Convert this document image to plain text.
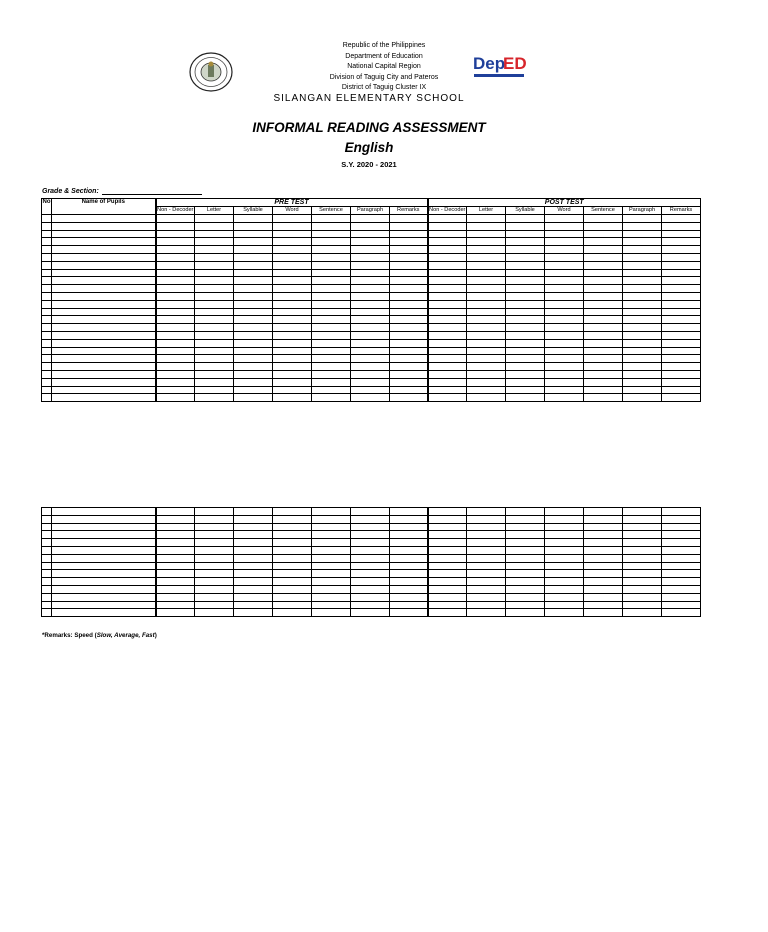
Dep
ED
Republic of the Philippines
Department of Education
National Capital Region
Division of Taguig City and Pateros
District of Taguig Cluster IX
SILANGAN ELEMENTARY SCHOOL
INFORMAL READING ASSESSMENT
English
S.Y. 2020 - 2021
Grade & Section:
No	Name of Pupils	PRE TEST							POST TEST						
		Non - Decoder	Letter	Syllable	Word	Sentence	Paragraph	Remarks	Non - Decoder	Letter	Syllable	Word	Sentence	Paragraph	Remarks

*Remarks: Speed (Slow, Average, Fast)
